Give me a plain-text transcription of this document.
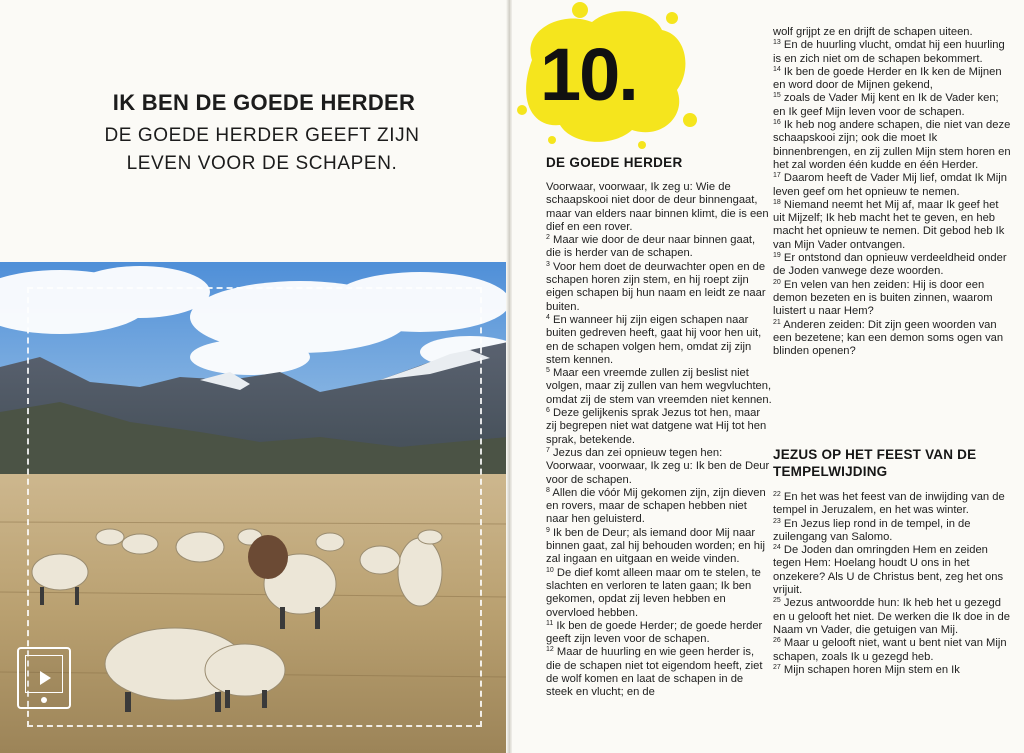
IK BEN DE GOEDE HERDER
DE GOEDE HERDER GEEFT ZIJN
LEVEN VOOR DE SCHAPEN.
10.
DE GOEDE HERDER

Voorwaar, voorwaar, Ik zeg u: Wie de schaapskooi niet door de deur binnengaat, maar van elders naar binnen klimt, die is een dief en een rover.

$^2$ Maar wie door de deur naar binnen gaat, die is herder van de schapen.

$^3$ Voor hem doet de deurwachter open en de schapen horen zijn stem, en hij roept zijn eigen schapen bij hun naam en leidt ze naar buiten.

$^4$ En wanneer hij zijn eigen schapen naar buiten gedreven heeft, gaat hij voor hen uit, en de schapen volgen hem, omdat zij zijn stem kennen.

$^5$ Maar een vreemde zullen zij beslist niet volgen, maar zij zullen van hem wegvluchten, omdat zij de stem van vreemden niet kennen.

$^6$ Deze gelijkenis sprak Jezus tot hen, maar zij begrepen niet wat datgene wat Hij tot hen sprak, betekende.

$^7$ Jezus dan zei opnieuw tegen hen: Voorwaar, voorwaar, Ik zeg u: Ik ben de Deur voor de schapen.

$^8$ Allen die vóór Mij gekomen zijn, zijn dieven en rovers, maar de schapen hebben niet naar hen geluisterd.

$^9$ Ik ben de Deur; als iemand door Mij naar binnen gaat, zal hij behouden worden; en hij zal ingaan en uitgaan en weide vinden.

$^{10}$ De dief komt alleen maar om te stelen, te slachten en verloren te laten gaan; Ik ben gekomen, opdat zij leven hebben en overvloed hebben.

$^{11}$ Ik ben de goede Herder; de goede herder geeft zijn leven voor de schapen.

$^{12}$ Maar de huurling en wie geen herder is, die de schapen niet tot eigendom heeft, ziet de wolf komen en laat de schapen in de steek en vlucht; en de

wolf grijpt ze en drijft de schapen uiteen.

$^{13}$ En de huurling vlucht, omdat hij een huurling is en zich niet om de schapen bekommert.

$^{14}$ Ik ben de goede Herder en Ik ken de Mijnen en word door de Mijnen gekend,

$^{15}$ zoals de Vader Mij kent en Ik de Vader ken; en Ik geef Mijn leven voor de schapen.

$^{16}$ Ik heb nog andere schapen, die niet van deze schaapskooi zijn; ook die moet Ik binnenbrengen, en zij zullen Mijn stem horen en het zal worden één kudde en één Herder.

$^{17}$ Daarom heeft de Vader Mij lief, omdat Ik Mijn leven geef om het opnieuw te nemen.

$^{18}$ Niemand neemt het Mij af, maar Ik geef het uit Mijzelf; Ik heb macht het te geven, en heb macht het opnieuw te nemen. Dit gebod heb Ik van Mijn Vader ontvangen.

$^{19}$ Er ontstond dan opnieuw verdeeldheid onder de Joden vanwege deze woorden.

$^{20}$ En velen van hen zeiden: Hij is door een demon bezeten en is buiten zinnen, waarom luistert u naar Hem?

$^{21}$ Anderen zeiden: Dit zijn geen woorden van een bezetene; kan een demon soms ogen van blinden openen?

JEZUS OP HET FEEST VAN DE TEMPELWIJDING

$^{22}$ En het was het feest van de inwijding van de tempel in Jeruzalem, en het was winter.

$^{23}$ En Jezus liep rond in de tempel, in de zuilengang van Salomo.

$^{24}$ De Joden dan omringden Hem en zeiden tegen Hem: Hoelang houdt U ons in het onzekere? Als U de Christus bent, zeg het ons vrijuit.

$^{25}$ Jezus antwoordde hun: Ik heb het u gezegd en u gelooft het niet. De werken die Ik doe in de Naam vn Vader, die getuigen van Mij.

$^{26}$ Maar u gelooft niet, want u bent niet van Mijn schapen, zoals Ik u gezegd heb.

$^{27}$ Mijn schapen horen Mijn stem en Ik
